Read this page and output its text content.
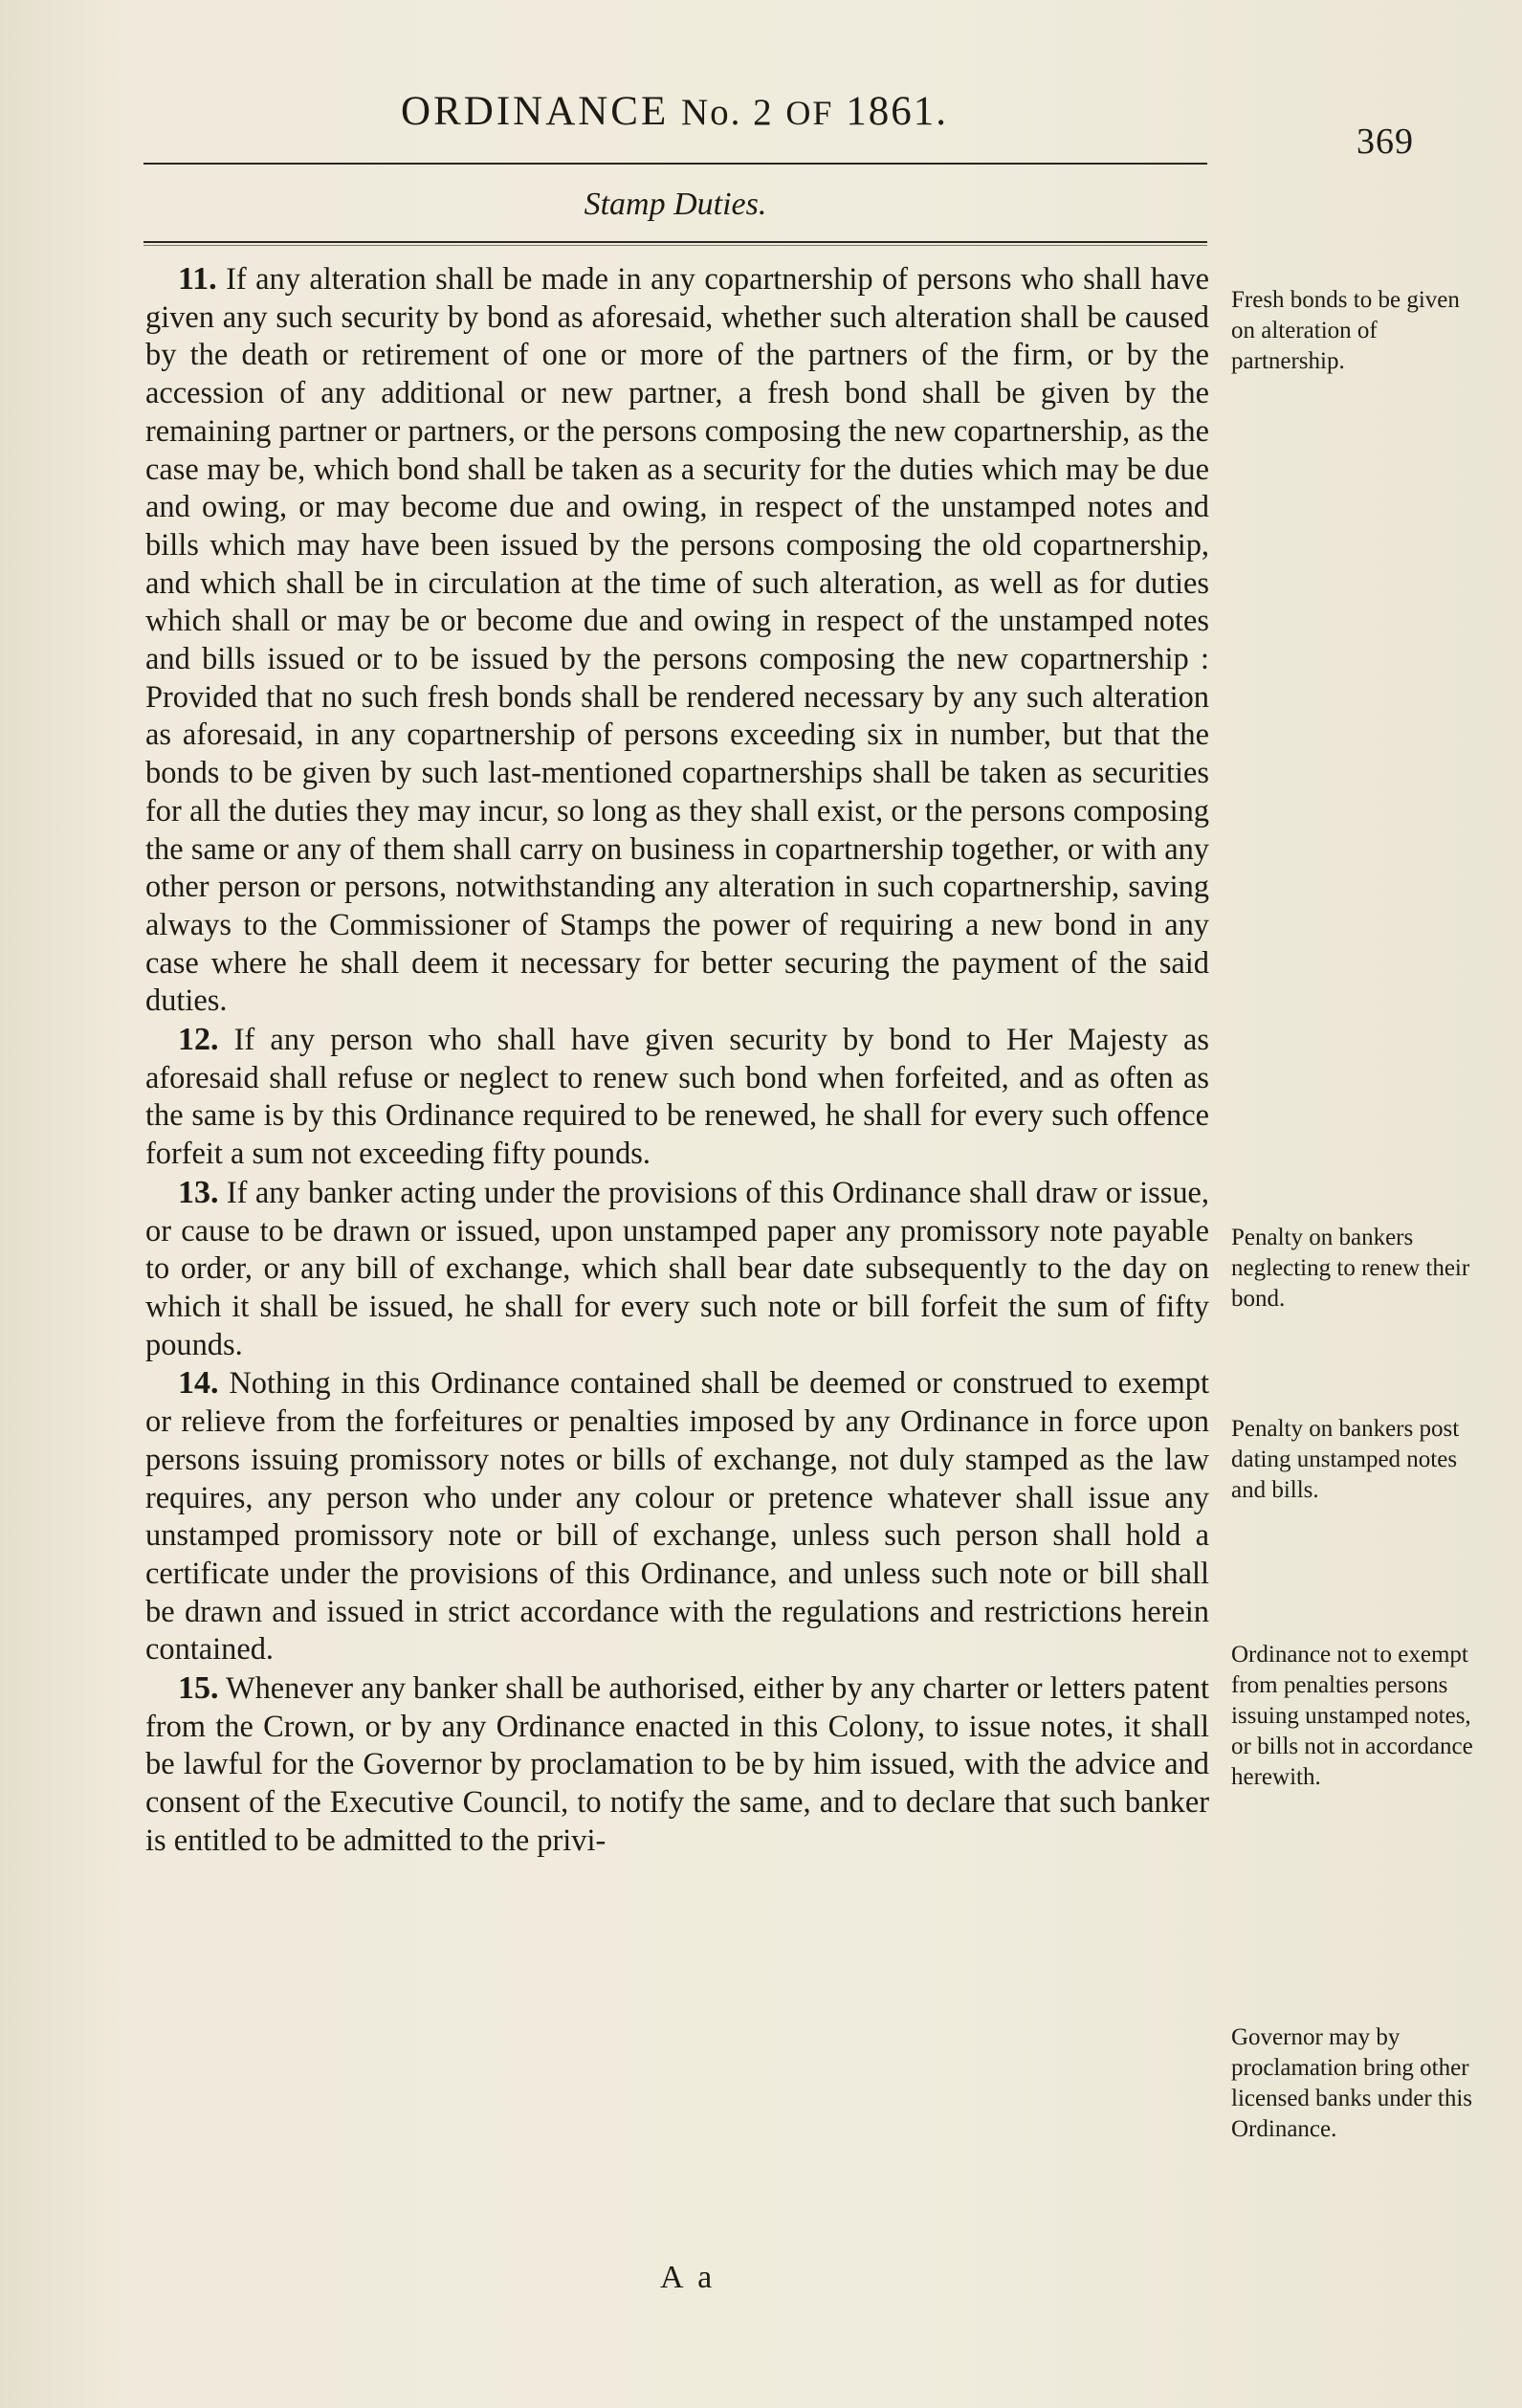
ORDINANCE No. 2 OF 1861.
369
Stamp Duties.

11. If any alteration shall be made in any copartnership of persons who shall have given any such security by bond as aforesaid, whether such alteration shall be caused by the death or retirement of one or more of the partners of the firm, or by the accession of any additional or new partner, a fresh bond shall be given by the remaining partner or partners, or the persons composing the new copartnership, as the case may be, which bond shall be taken as a security for the duties which may be due and owing, or may become due and owing, in respect of the unstamped notes and bills which may have been issued by the persons composing the old copartnership, and which shall be in circulation at the time of such alteration, as well as for duties which shall or may be or become due and owing in respect of the unstamped notes and bills issued or to be issued by the persons composing the new copartnership : Provided that no such fresh bonds shall be rendered necessary by any such alteration as aforesaid, in any copartnership of persons exceeding six in number, but that the bonds to be given by such last-mentioned copartnerships shall be taken as securities for all the duties they may incur, so long as they shall exist, or the persons composing the same or any of them shall carry on business in copartnership together, or with any other person or persons, notwithstanding any alteration in such copartnership, saving always to the Commissioner of Stamps the power of requiring a new bond in any case where he shall deem it necessary for better securing the payment of the said duties.

12. If any person who shall have given security by bond to Her Majesty as aforesaid shall refuse or neglect to renew such bond when forfeited, and as often as the same is by this Ordinance required to be renewed, he shall for every such offence forfeit a sum not exceeding fifty pounds.

13. If any banker acting under the provisions of this Ordinance shall draw or issue, or cause to be drawn or issued, upon unstamped paper any promissory note payable to order, or any bill of exchange, which shall bear date subsequently to the day on which it shall be issued, he shall for every such note or bill forfeit the sum of fifty pounds.

14. Nothing in this Ordinance contained shall be deemed or construed to exempt or relieve from the forfeitures or penalties imposed by any Ordinance in force upon persons issuing promissory notes or bills of exchange, not duly stamped as the law requires, any person who under any colour or pretence whatever shall issue any unstamped promissory note or bill of exchange, unless such person shall hold a certificate under the provisions of this Ordinance, and unless such note or bill shall be drawn and issued in strict accordance with the regulations and restrictions herein contained.

15. Whenever any banker shall be authorised, either by any charter or letters patent from the Crown, or by any Ordinance enacted in this Colony, to issue notes, it shall be lawful for the Governor by proclamation to be by him issued, with the advice and consent of the Executive Council, to notify the same, and to declare that such banker is entitled to be admitted to the privi-

Fresh bonds to be given on alteration of partnership.
Penalty on bankers neglecting to renew their bond.
Penalty on bankers post dating unstamped notes and bills.
Ordinance not to exempt from penalties persons issuing unstamped notes, or bills not in accordance herewith.
Governor may by proclamation bring other licensed banks under this Ordinance.
A a
